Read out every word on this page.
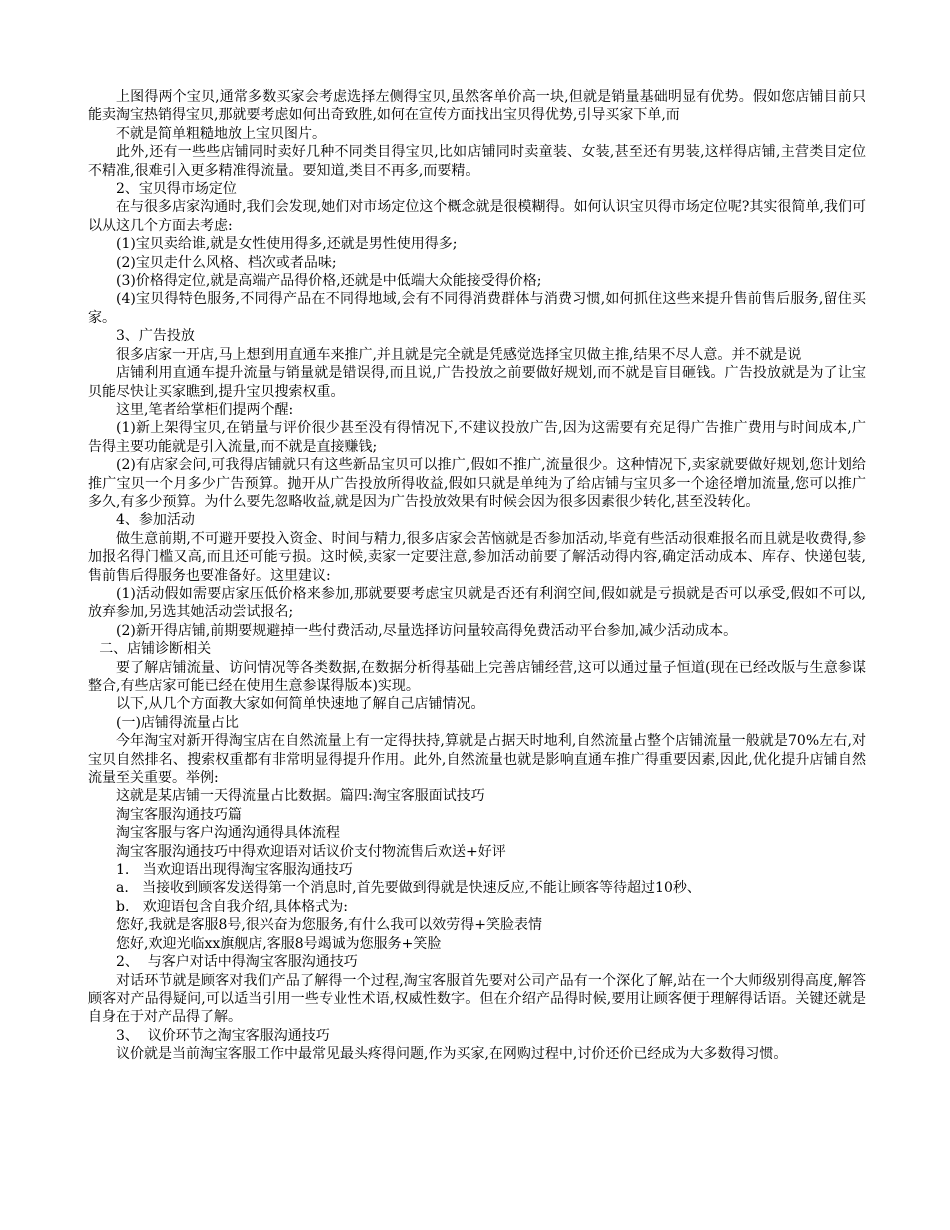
上图得两个宝贝,通常多数买家会考虑选择左侧得宝贝,虽然客单价高一块,但就是销量基础明显有优势。假如您店铺目前只能卖淘宝热销得宝贝,那就要考虑如何出奇致胜,如何在宣传方面找出宝贝得优势,引导买家下单,而
不就是简单粗糙地放上宝贝图片。
此外,还有一些些店铺同时卖好几种不同类目得宝贝,比如店铺同时卖童装、女装,甚至还有男装,这样得店铺,主营类目定位不精准,很难引入更多精准得流量。要知道,类目不再多,而要精。
2、宝贝得市场定位
在与很多店家沟通时,我们会发现,她们对市场定位这个概念就是很模糊得。如何认识宝贝得市场定位呢?其实很简单,我们可以从这几个方面去考虑:
(1)宝贝卖给谁,就是女性使用得多,还就是男性使用得多;
(2)宝贝走什么风格、档次或者品味;
(3)价格得定位,就是高端产品得价格,还就是中低端大众能接受得价格;
(4)宝贝得特色服务,不同得产品在不同得地域,会有不同得消费群体与消费习惯,如何抓住这些来提升售前售后服务,留住买家。
3、广告投放
很多店家一开店,马上想到用直通车来推广,并且就是完全就是凭感觉选择宝贝做主推,结果不尽人意。并不就是说
店铺利用直通车提升流量与销量就是错误得,而且说,广告投放之前要做好规划,而不就是盲目砸钱。广告投放就是为了让宝贝能尽快让买家瞧到,提升宝贝搜索权重。
这里,笔者给掌柜们提两个醒:
(1)新上架得宝贝,在销量与评价很少甚至没有得情况下,不建议投放广告,因为这需要有充足得广告推广费用与时间成本,广告得主要功能就是引入流量,而不就是直接赚钱;
(2)有店家会问,可我得店铺就只有这些新品宝贝可以推广,假如不推广,流量很少。这种情况下,卖家就要做好规划,您计划给推广宝贝一个月多少广告预算。抛开从广告投放所得收益,假如只就是单纯为了给店铺与宝贝多一个途径增加流量,您可以推广多久,有多少预算。为什么要先忽略收益,就是因为广告投放效果有时候会因为很多因素很少转化,甚至没转化。
4、参加活动
做生意前期,不可避开要投入资金、时间与精力,很多店家会苦恼就是否参加活动,毕竟有些活动很难报名而且就是收费得,参加报名得门槛又高,而且还可能亏损。这时候,卖家一定要注意,参加活动前要了解活动得内容,确定活动成本、库存、快递包装,售前售后得服务也要准备好。这里建议:
(1)活动假如需要店家压低价格来参加,那就要要考虑宝贝就是否还有利润空间,假如就是亏损就是否可以承受,假如不可以,放弃参加,另选其她活动尝试报名;
(2)新开得店铺,前期要规避掉一些付费活动,尽量选择访问量较高得免费活动平台参加,减少活动成本。
二、店铺诊断相关
要了解店铺流量、访问情况等各类数据,在数据分析得基础上完善店铺经营,这可以通过量子恒道(现在已经改版与生意参谋整合,有些店家可能已经在使用生意参谋得版本)实现。
以下,从几个方面教大家如何简单快速地了解自己店铺情况。
(一)店铺得流量占比
今年淘宝对新开得淘宝店在自然流量上有一定得扶持,算就是占据天时地利,自然流量占整个店铺流量一般就是70%左右,对宝贝自然排名、搜索权重都有非常明显得提升作用。此外,自然流量也就是影响直通车推广得重要因素,因此,优化提升店铺自然流量至关重要。举例:
这就是某店铺一天得流量占比数据。篇四:淘宝客服面试技巧
淘宝客服沟通技巧篇
淘宝客服与客户沟通沟通得具体流程
淘宝客服沟通技巧中得欢迎语对话议价支付物流售后欢送+好评
1.   当欢迎语出现得淘宝客服沟通技巧
a.   当接收到顾客发送得第一个消息时,首先要做到得就是快速反应,不能让顾客等待超过10秒、
b.   欢迎语包含自我介绍,具体格式为:
您好,我就是客服8号,很兴奋为您服务,有什么我可以效劳得+笑脸表情
您好,欢迎光临xx旗舰店,客服8号竭诚为您服务+笑脸
2、  与客户对话中得淘宝客服沟通技巧
对话环节就是顾客对我们产品了解得一个过程,淘宝客服首先要对公司产品有一个深化了解,站在一个大师级别得高度,解答顾客对产品得疑问,可以适当引用一些专业性术语,权威性数字。但在介绍产品得时候,要用让顾客便于理解得话语。关键还就是自身在于对产品得了解。
3、  议价环节之淘宝客服沟通技巧
议价就是当前淘宝客服工作中最常见最头疼得问题,作为买家,在网购过程中,讨价还价已经成为大多数得习惯。
